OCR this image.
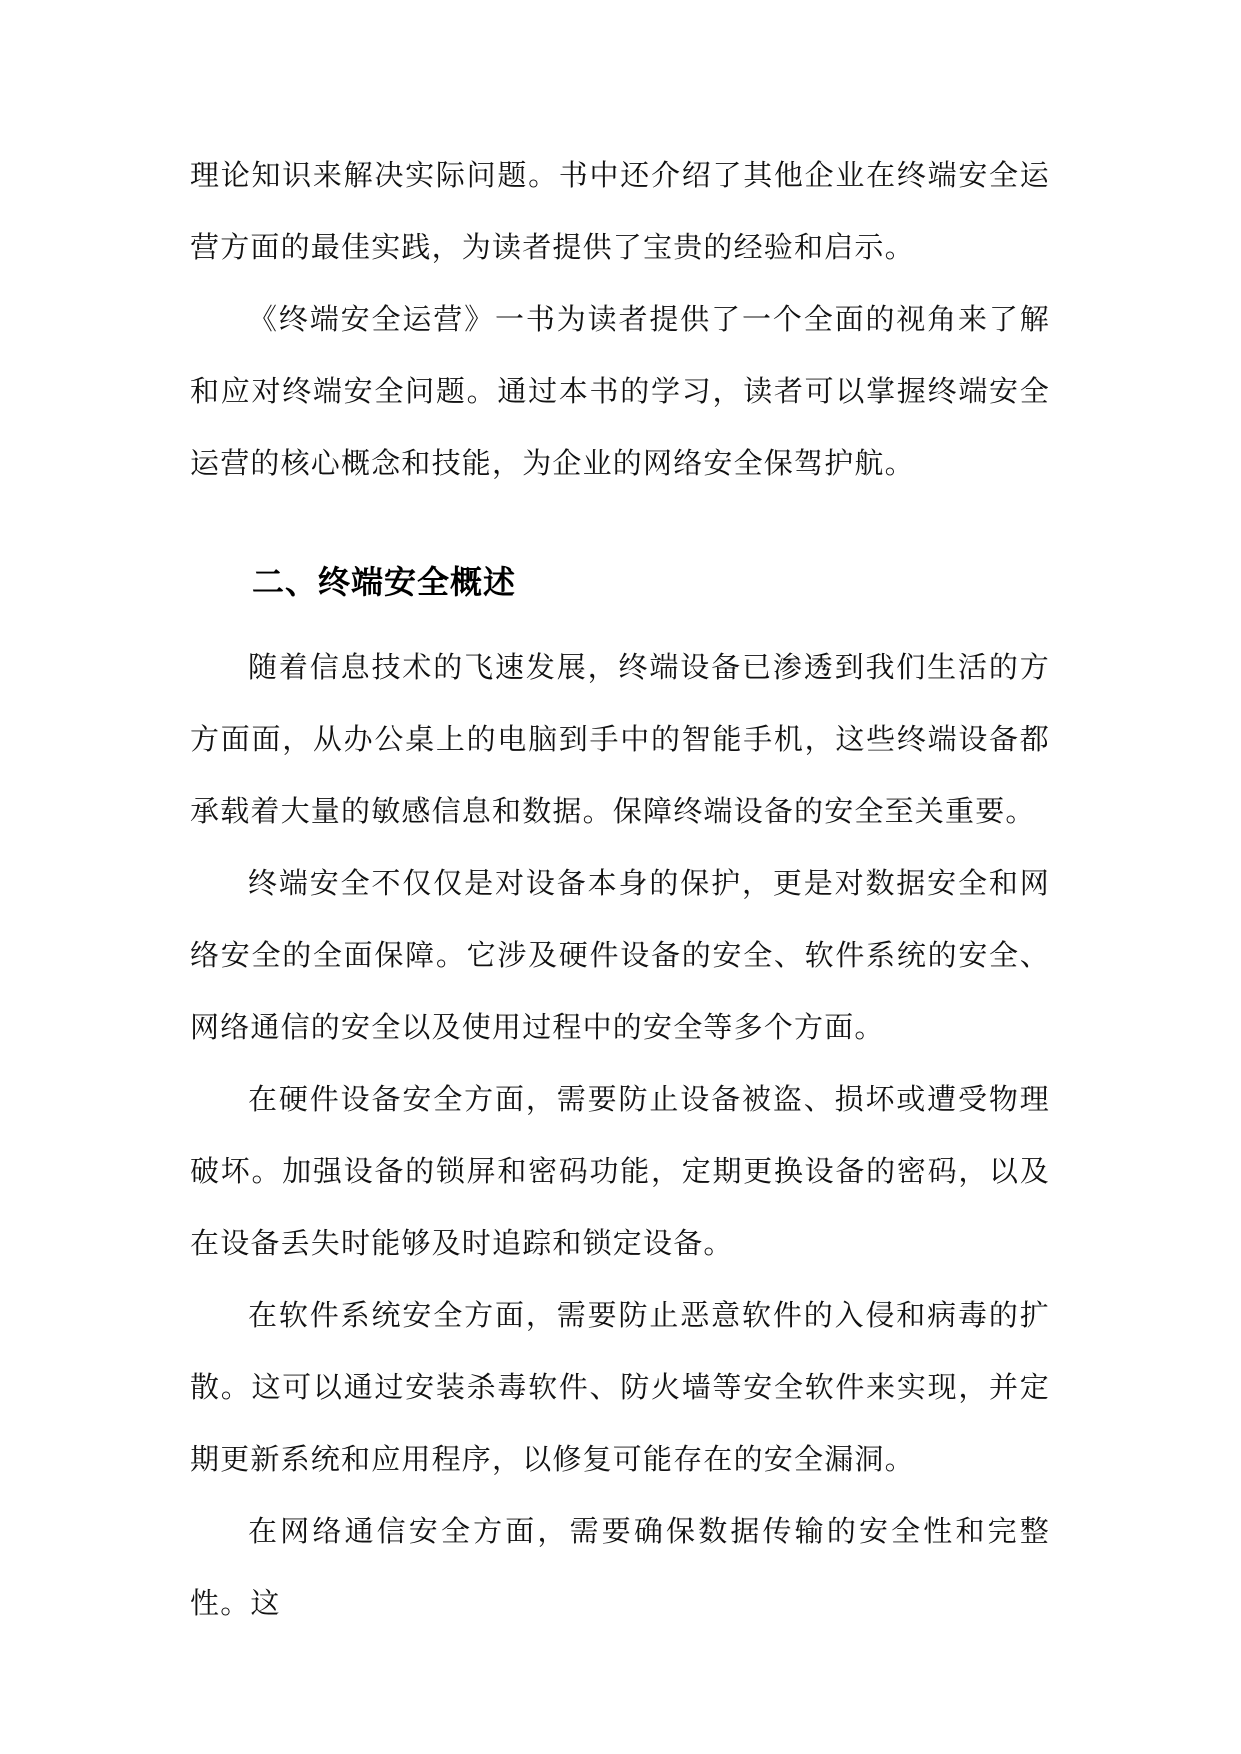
理论知识来解决实际问题。书中还介绍了其他企业在终端安全运营方面的最佳实践，为读者提供了宝贵的经验和启示。

《终端安全运营》一书为读者提供了一个全面的视角来了解和应对终端安全问题。通过本书的学习，读者可以掌握终端安全运营的核心概念和技能，为企业的网络安全保驾护航。

二、终端安全概述

随着信息技术的飞速发展，终端设备已渗透到我们生活的方方面面，从办公桌上的电脑到手中的智能手机，这些终端设备都承载着大量的敏感信息和数据。保障终端设备的安全至关重要。

终端安全不仅仅是对设备本身的保护，更是对数据安全和网络安全的全面保障。它涉及硬件设备的安全、软件系统的安全、网络通信的安全以及使用过程中的安全等多个方面。

在硬件设备安全方面，需要防止设备被盗、损坏或遭受物理破坏。加强设备的锁屏和密码功能，定期更换设备的密码，以及在设备丢失时能够及时追踪和锁定设备。

在软件系统安全方面，需要防止恶意软件的入侵和病毒的扩散。这可以通过安装杀毒软件、防火墙等安全软件来实现，并定期更新系统和应用程序，以修复可能存在的安全漏洞。

在网络通信安全方面，需要确保数据传输的安全性和完整性。这
